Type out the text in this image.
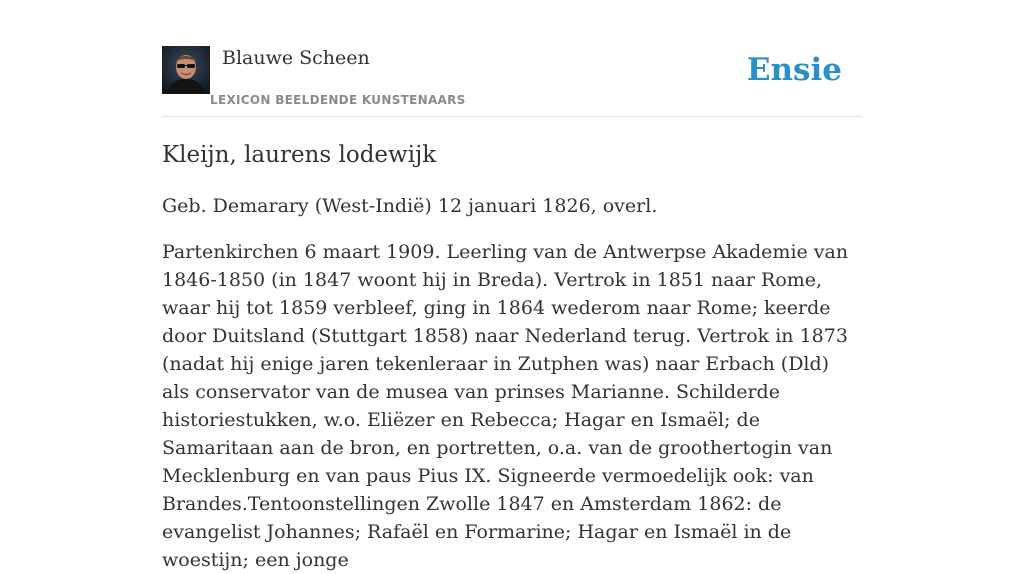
Blauwe Scheen
LEXICON BEELDENDE KUNSTENAARS
Ensie
Kleijn, laurens lodewijk

Geb. Demarary (West-Indië) 12 januari 1826, overl.

Partenkirchen 6 maart 1909. Leerling van de Antwerpse Akademie van 1846-1850 (in 1847 woont hij in Breda). Vertrok in 1851 naar Rome, waar hij tot 1859 verbleef, ging in 1864 wederom naar Rome; keerde door Duitsland (Stuttgart 1858) naar Nederland terug. Vertrok in 1873 (nadat hij enige jaren tekenleraar in Zutphen was) naar Erbach (Dld) als conservator van de musea van prinses Marianne. Schilderde historiestukken, w.o. Eliëzer en Rebecca; Hagar en Ismaël; de Samaritaan aan de bron, en portretten, o.a. van de groothertogin van Mecklenburg en van paus Pius IX. Signeerde vermoedelijk ook: van Brandes.Tentoonstellingen Zwolle 1847 en Amsterdam 1862: de evangelist Johannes; Rafaël en Formarine; Hagar en Ismaël in de woestijn; een jonge
